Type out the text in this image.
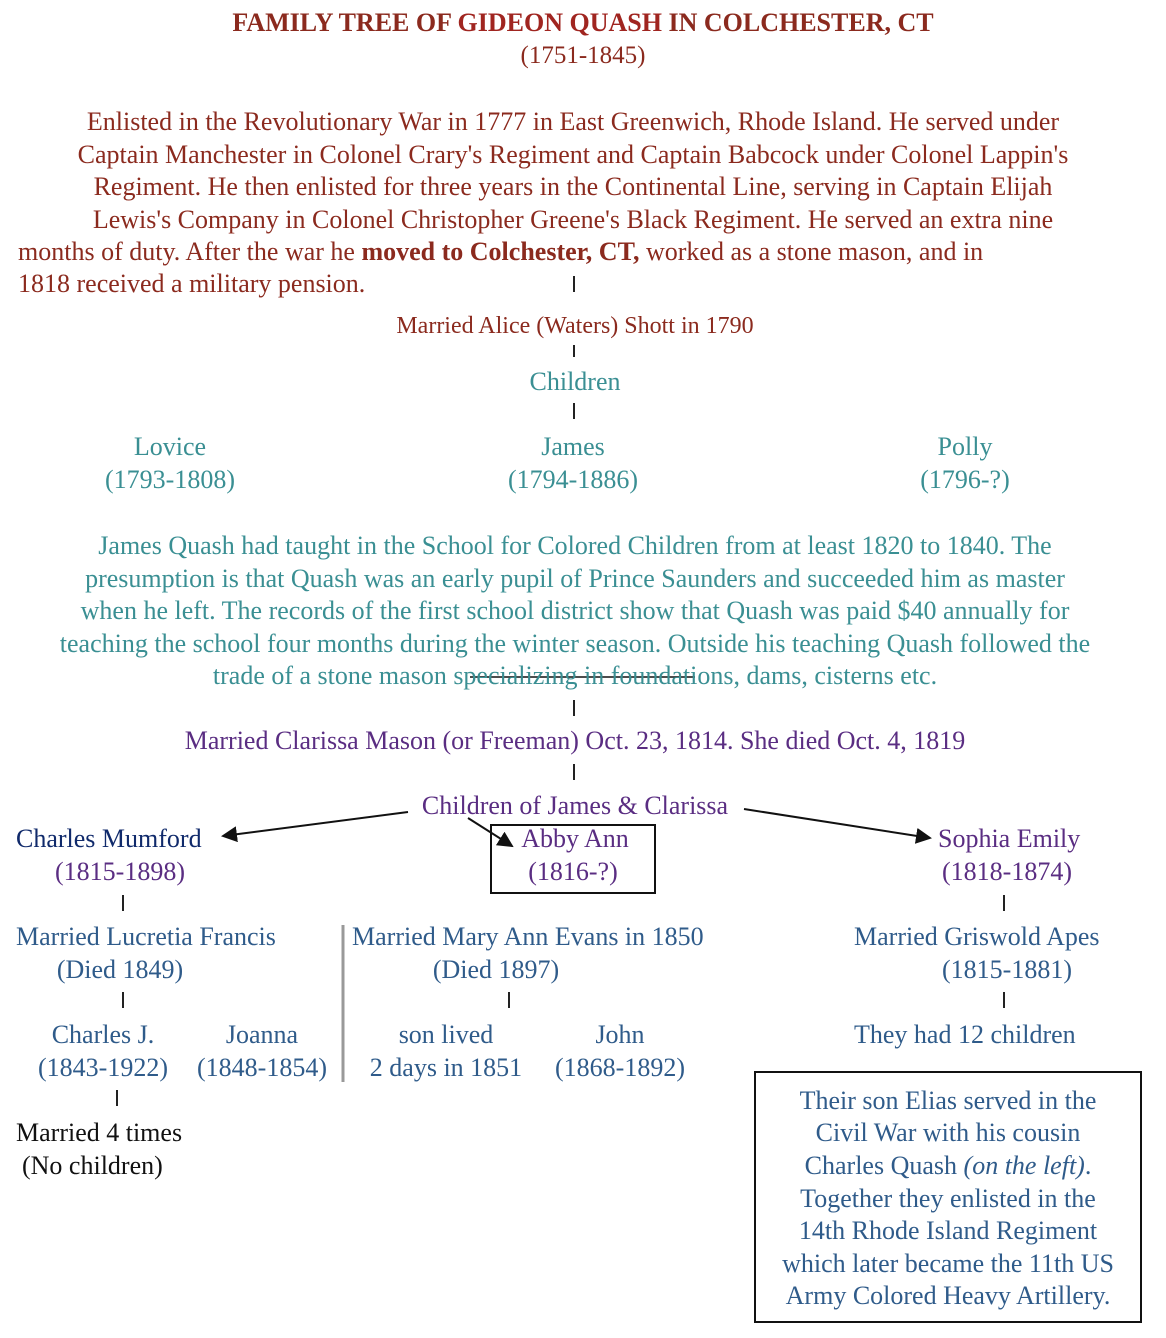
FAMILY TREE OF GIDEON QUASH IN COLCHESTER, CT
(1751-1845)
Enlisted in the Revolutionary War in 1777 in East Greenwich, Rhode Island. He served under
Captain Manchester in Colonel Crary's Regiment and Captain Babcock under Colonel Lappin's
Regiment. He then enlisted for three years in the Continental Line, serving in Captain Elijah
Lewis's Company in Colonel Christopher Greene's Black Regiment. He served an extra nine
months of duty. After the war he moved to Colchester, CT, worked as a stone mason, and in
1818 received a military pension.
Married Alice (Waters) Shott in 1790
Children
Lovice
(1793-1808)
James
(1794-1886)
Polly
(1796-?)
James Quash had taught in the School for Colored Children from at least 1820 to 1840. The
presumption is that Quash was an early pupil of Prince Saunders and succeeded him as master
when he left. The records of the first school district show that Quash was paid $40 annually for
teaching the school four months during the winter season. Outside his teaching Quash followed the
trade of a stone mason specializing in foundations, dams, cisterns etc.
Married Clarissa Mason (or Freeman) Oct. 23, 1814. She died Oct. 4, 1819
Children of James & Clarissa
Charles Mumford
(1815-1898)
Abby Ann
(1816-?)
Sophia Emily
(1818-1874)
Married Lucretia Francis
(Died 1849)
Charles J.
(1843-1922)
Joanna
(1848-1854)
Married 4 times
(No children)
Married Mary Ann Evans in 1850
(Died 1897)
son lived
2 days in 1851
John
(1868-1892)
Married Griswold Apes
(1815-1881)
They had 12 children
Their son Elias served in the
Civil War with his cousin
Charles Quash (on the left).
Together they enlisted in the
14th Rhode Island Regiment
which later became the 11th US
Army Colored Heavy Artillery.
